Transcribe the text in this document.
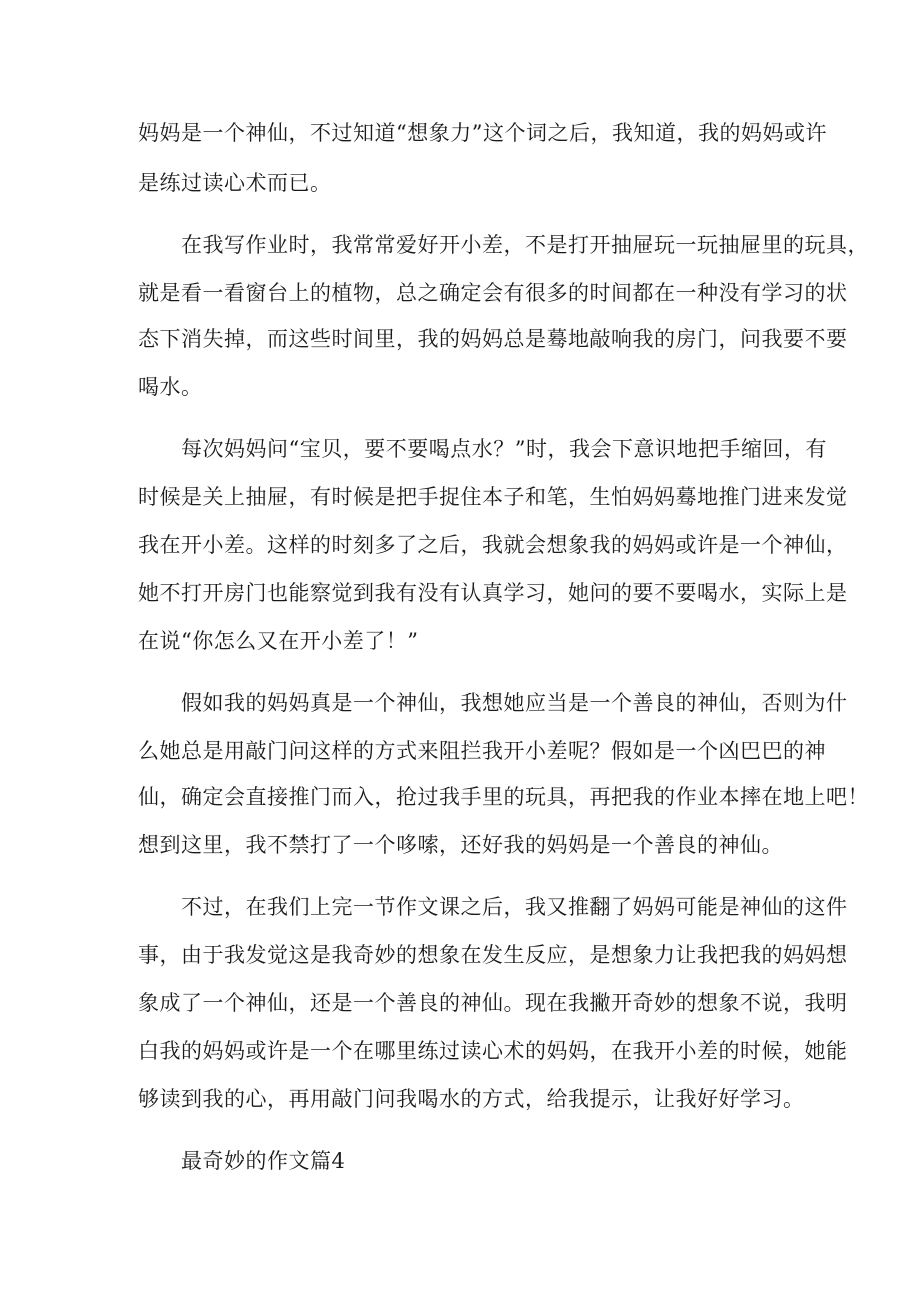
妈妈是一个神仙，不过知道“想象力”这个词之后，我知道，我的妈妈或许
是练过读心术而已。
在我写作业时，我常常爱好开小差，不是打开抽屉玩一玩抽屉里的玩具，
就是看一看窗台上的植物，总之确定会有很多的时间都在一种没有学习的状
态下消失掉，而这些时间里，我的妈妈总是蓦地敲响我的房门，问我要不要
喝水。
每次妈妈问“宝贝，要不要喝点水？”时，我会下意识地把手缩回，有
时候是关上抽屉，有时候是把手捉住本子和笔，生怕妈妈蓦地推门进来发觉
我在开小差。这样的时刻多了之后，我就会想象我的妈妈或许是一个神仙，
她不打开房门也能察觉到我有没有认真学习，她问的要不要喝水，实际上是
在说“你怎么又在开小差了！”
假如我的妈妈真是一个神仙，我想她应当是一个善良的神仙，否则为什
么她总是用敲门问这样的方式来阻拦我开小差呢？假如是一个凶巴巴的神
仙，确定会直接推门而入，抢过我手里的玩具，再把我的作业本摔在地上吧！
想到这里，我不禁打了一个哆嗦，还好我的妈妈是一个善良的神仙。
不过，在我们上完一节作文课之后，我又推翻了妈妈可能是神仙的这件
事，由于我发觉这是我奇妙的想象在发生反应，是想象力让我把我的妈妈想
象成了一个神仙，还是一个善良的神仙。现在我撇开奇妙的想象不说，我明
白我的妈妈或许是一个在哪里练过读心术的妈妈，在我开小差的时候，她能
够读到我的心，再用敲门问我喝水的方式，给我提示，让我好好学习。
最奇妙的作文篇4
